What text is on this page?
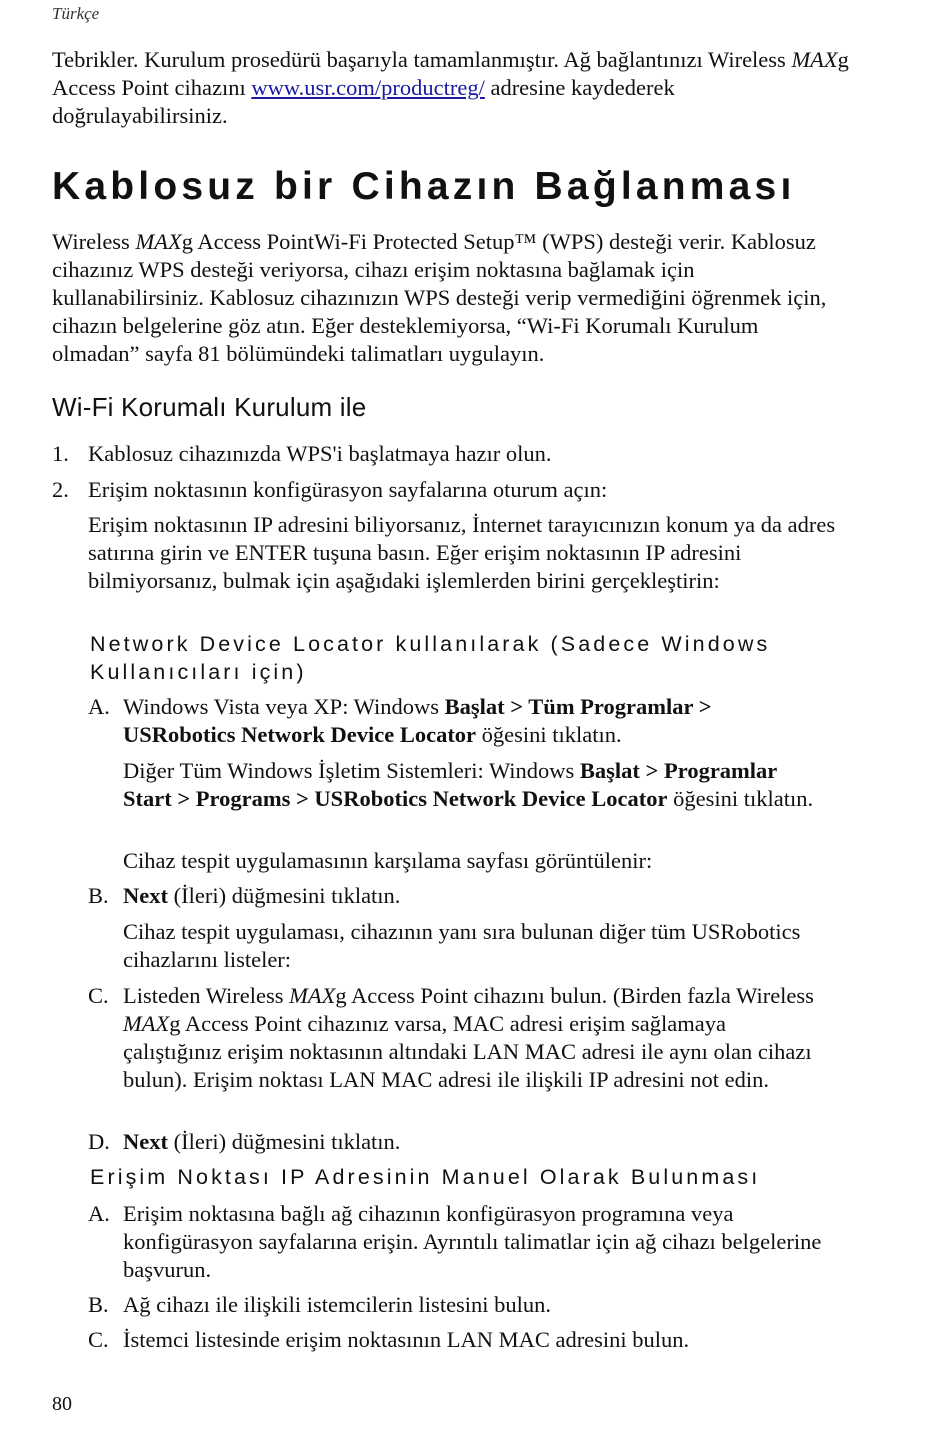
Türkçe
Tebrikler. Kurulum prosedürü başarıyla tamamlanmıştır. Ağ bağlantınızı Wireless MAXg Access Point cihazını www.usr.com/productreg/ adresine kaydederek doğrulayabilirsiniz.
Kablosuz bir Cihazın Bağlanması
Wireless MAXg Access PointWi-Fi Protected Setup™ (WPS) desteği verir. Kablosuz cihazınız WPS desteği veriyorsa, cihazı erişim noktasına bağlamak için kullanabilirsiniz. Kablosuz cihazınızın WPS desteği verip vermediğini öğrenmek için, cihazın belgelerine göz atın. Eğer desteklemiyorsa, “Wi-Fi Korumalı Kurulum olmadan” sayfa 81 bölümündeki talimatları uygulayın.
Wi-Fi Korumalı Kurulum ile
1. Kablosuz cihazınızda WPS'i başlatmaya hazır olun.
2. Erişim noktasının konfigürasyon sayfalarına oturum açın:
Erişim noktasının IP adresini biliyorsanız, İnternet tarayıcınızın konum ya da adres satırına girin ve ENTER tuşuna basın. Eğer erişim noktasının IP adresini bilmiyorsanız, bulmak için aşağıdaki işlemlerden birini gerçekleştirin:
Network Device Locator kullanılarak (Sadece Windows Kullanıcıları için)
A. Windows Vista veya XP: Windows Başlat > Tüm Programlar > USRobotics Network Device Locator öğesini tıklatın.
Diğer Tüm Windows İşletim Sistemleri: Windows Başlat > Programlar Start > Programs > USRobotics Network Device Locator öğesini tıklatın.
Cihaz tespit uygulamasının karşılama sayfası görüntülenir:
B. Next (İleri) düğmesini tıklatın.
Cihaz tespit uygulaması, cihazının yanı sıra bulunan diğer tüm USRobotics cihazlarını listeler:
C. Listeden Wireless MAXg Access Point cihazını bulun. (Birden fazla Wireless MAXg Access Point cihazınız varsa, MAC adresi erişim sağlamaya çalıştığınız erişim noktasının altındaki LAN MAC adresi ile aynı olan cihazı bulun). Erişim noktası LAN MAC adresi ile ilişkili IP adresini not edin.
D. Next (İleri) düğmesini tıklatın.
Erişim Noktası IP Adresinin Manuel Olarak Bulunması
A. Erişim noktasına bağlı ağ cihazının konfigürasyon programına veya konfigürasyon sayfalarına erişin. Ayrıntılı talimatlar için ağ cihazı belgelerine başvurun.
B. Ağ cihazı ile ilişkili istemcilerin listesini bulun.
C. İstemci listesinde erişim noktasının LAN MAC adresini bulun.
80
